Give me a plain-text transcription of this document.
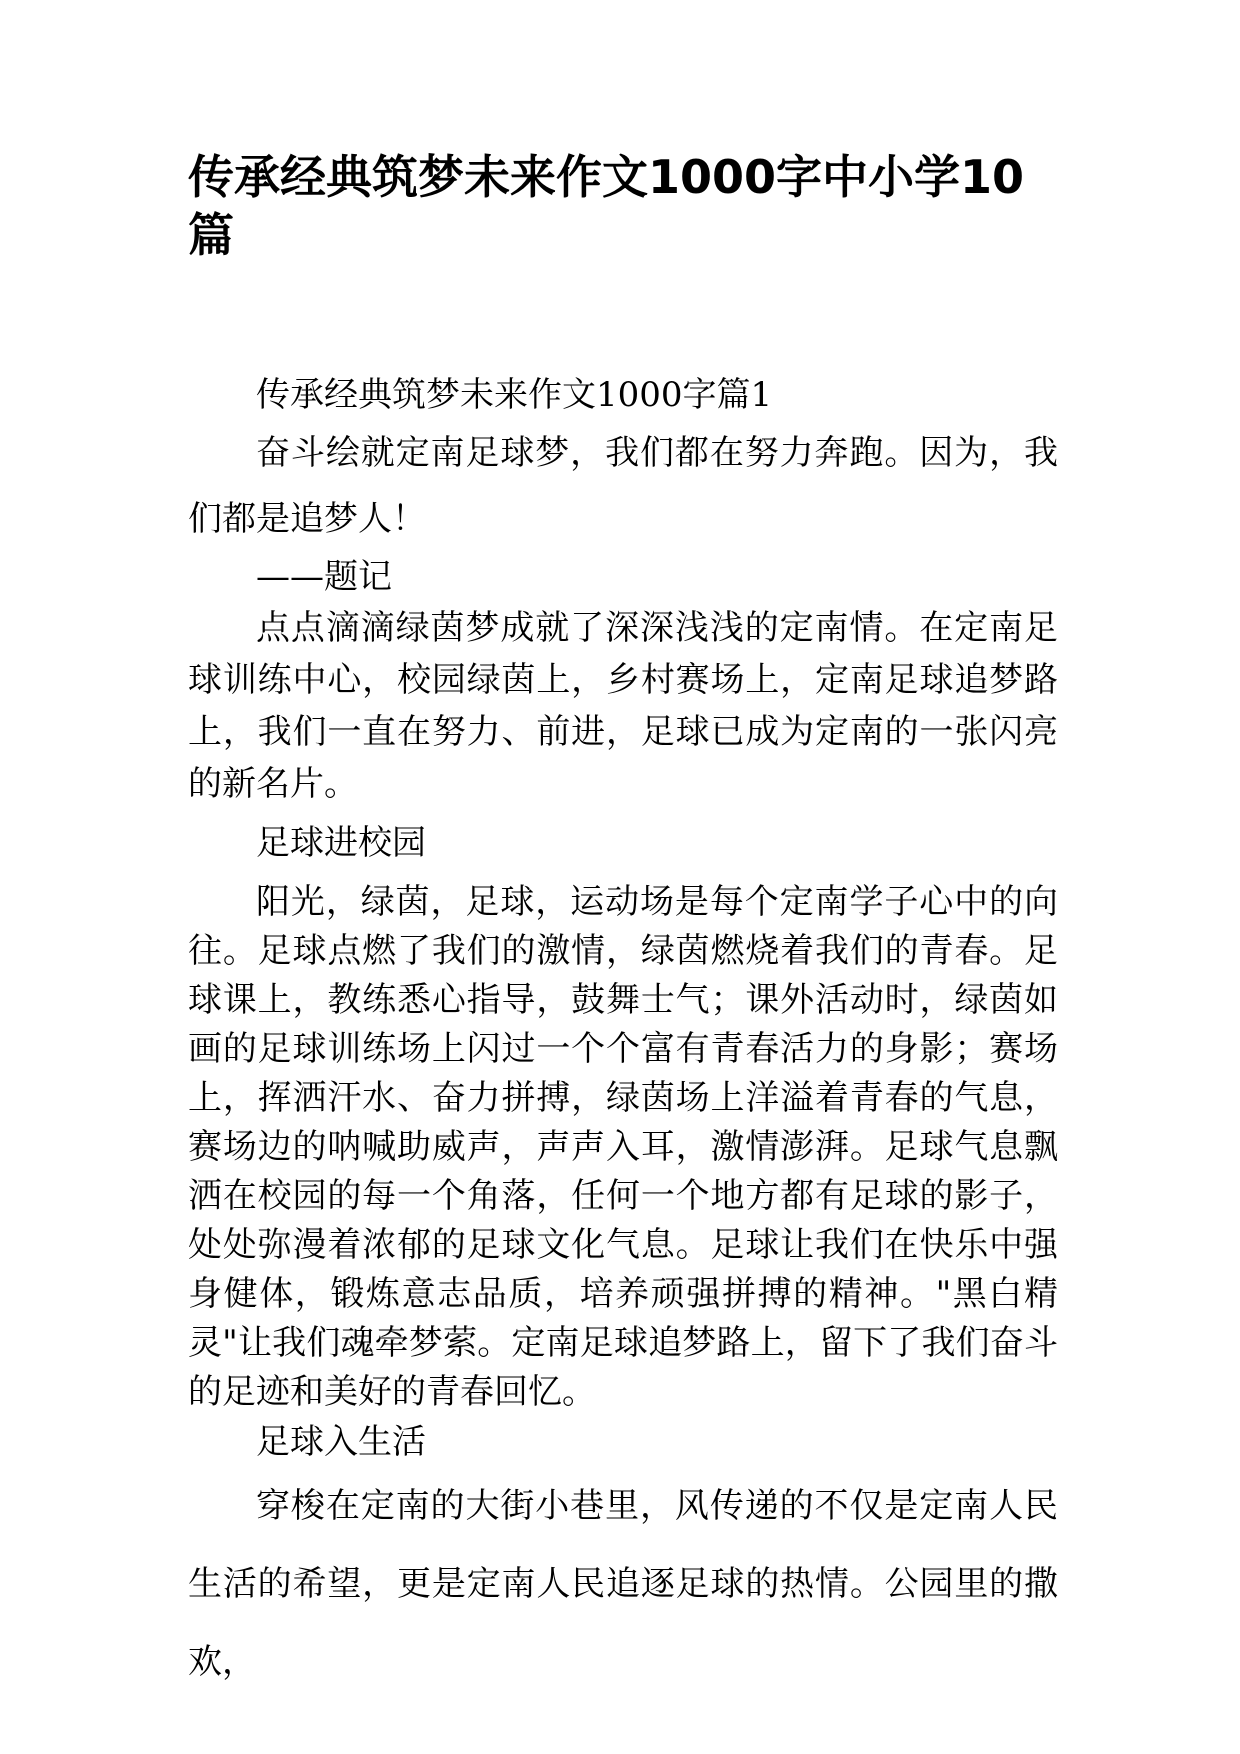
传承经典筑梦未来作文1000字中小学10篇

传承经典筑梦未来作文1000字篇1

奋斗绘就定南足球梦，我们都在努力奔跑。因为，我们都是追梦人！

——题记

点点滴滴绿茵梦成就了深深浅浅的定南情。在定南足球训练中心，校园绿茵上，乡村赛场上，定南足球追梦路上，我们一直在努力、前进，足球已成为定南的一张闪亮的新名片。

足球进校园

阳光，绿茵，足球，运动场是每个定南学子心中的向往。足球点燃了我们的激情，绿茵燃烧着我们的青春。足球课上，教练悉心指导，鼓舞士气；课外活动时，绿茵如画的足球训练场上闪过一个个富有青春活力的身影；赛场上，挥洒汗水、奋力拼搏，绿茵场上洋溢着青春的气息，赛场边的呐喊助威声，声声入耳，激情澎湃。足球气息飘洒在校园的每一个角落，任何一个地方都有足球的影子，处处弥漫着浓郁的足球文化气息。足球让我们在快乐中强身健体，锻炼意志品质，培养顽强拼搏的精神。"黑白精灵"让我们魂牵梦萦。定南足球追梦路上，留下了我们奋斗的足迹和美好的青春回忆。

足球入生活

穿梭在定南的大街小巷里，风传递的不仅是定南人民生活的希望，更是定南人民追逐足球的热情。公园里的撒欢，
